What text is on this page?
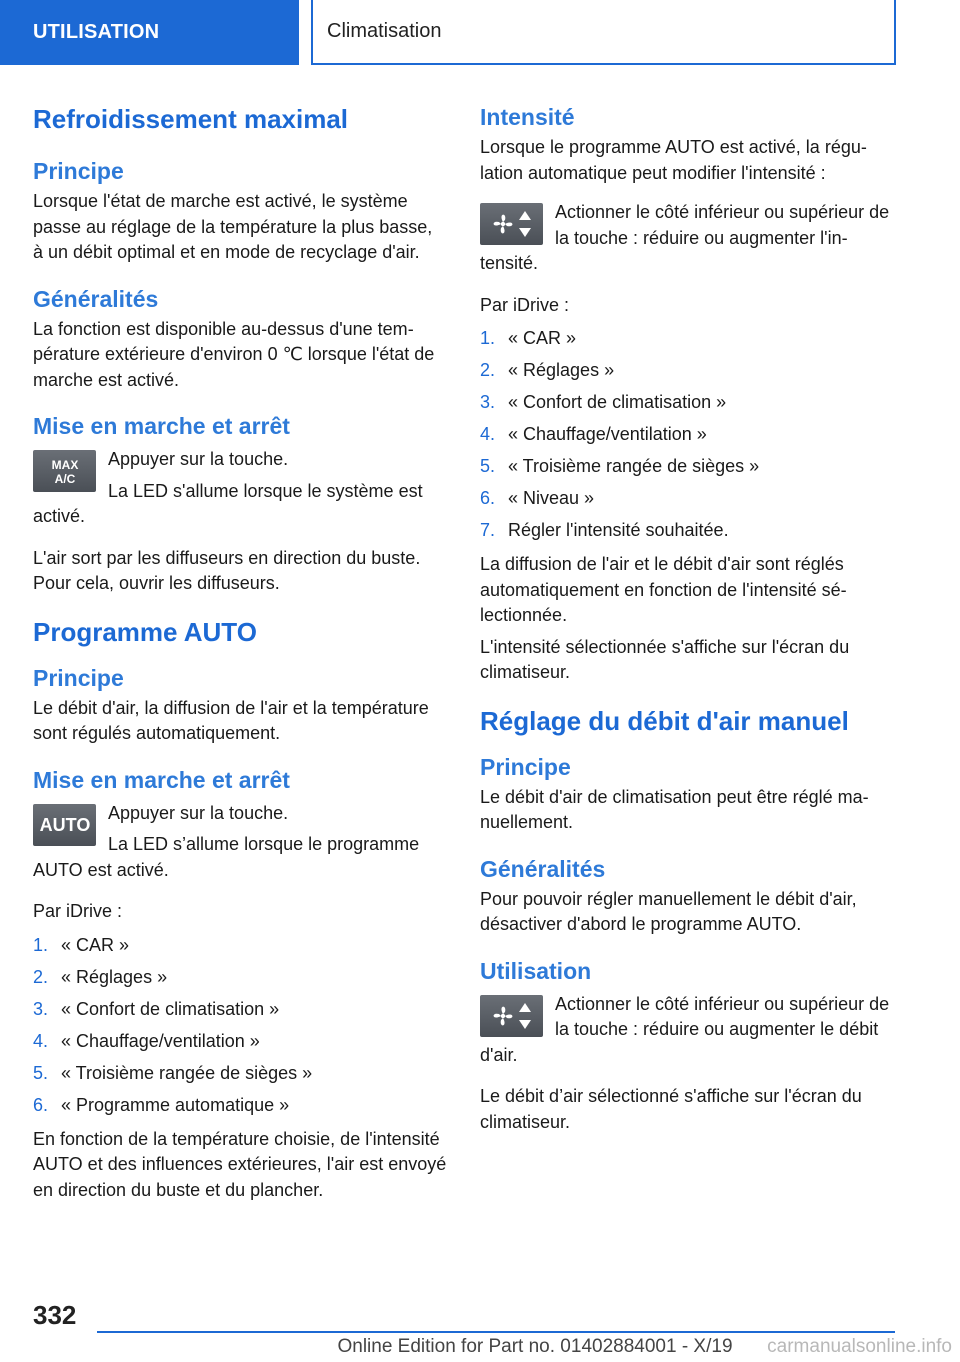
UTILISATION	Climatisation
Refroidissement maximal
Principe

Lorsque l'état de marche est activé, le système passe au réglage de la température la plus basse, à un débit optimal et en mode de recyclage d'air.

Généralités

La fonction est disponible au-dessus d'une température extérieure d'environ 0 ℃ lorsque l'état de marche est activé.

Mise en marche et arrêt
MAX
A/C

Appuyer sur la touche.

La LED s'allume lorsque le système est activé.

L'air sort par les diffuseurs en direction du buste. Pour cela, ouvrir les diffuseurs.

Programme AUTO
Principe

Le débit d'air, la diffusion de l'air et la température sont régulés automatiquement.

Mise en marche et arrêt
AUTO

Appuyer sur la touche.

La LED s’allume lorsque le programme AUTO est activé.

Par iDrive :

1. « CAR »
2. « Réglages »
3. « Confort de climatisation »
4. « Chauffage/ventilation »
5. « Troisième rangée de sièges »
6. « Programme automatique »

En fonction de la température choisie, de l'intensité AUTO et des influences extérieures, l'air est envoyé en direction du buste et du plancher.

Intensité

Lorsque le programme AUTO est activé, la régulation automatique peut modifier l'intensité :

Actionner le côté inférieur ou supérieur de la touche : réduire ou augmenter l'intensité.

Par iDrive :

1. « CAR »
2. « Réglages »
3. « Confort de climatisation »
4. « Chauffage/ventilation »
5. « Troisième rangée de sièges »
6. « Niveau »
7. Régler l'intensité souhaitée.

La diffusion de l'air et le débit d'air sont réglés automatiquement en fonction de l'intensité sélectionnée.

L'intensité sélectionnée s'affiche sur l'écran du climatiseur.

Réglage du débit d'air manuel
Principe

Le débit d'air de climatisation peut être réglé manuellement.

Généralités

Pour pouvoir régler manuellement le débit d'air, désactiver d'abord le programme AUTO.

Utilisation

Actionner le côté inférieur ou supérieur de la touche : réduire ou augmenter le débit d'air.

Le débit d’air sélectionné s'affiche sur l'écran du climatiseur.

332
Online Edition for Part no. 01402884001 - X/19	carmanualsonline.info
